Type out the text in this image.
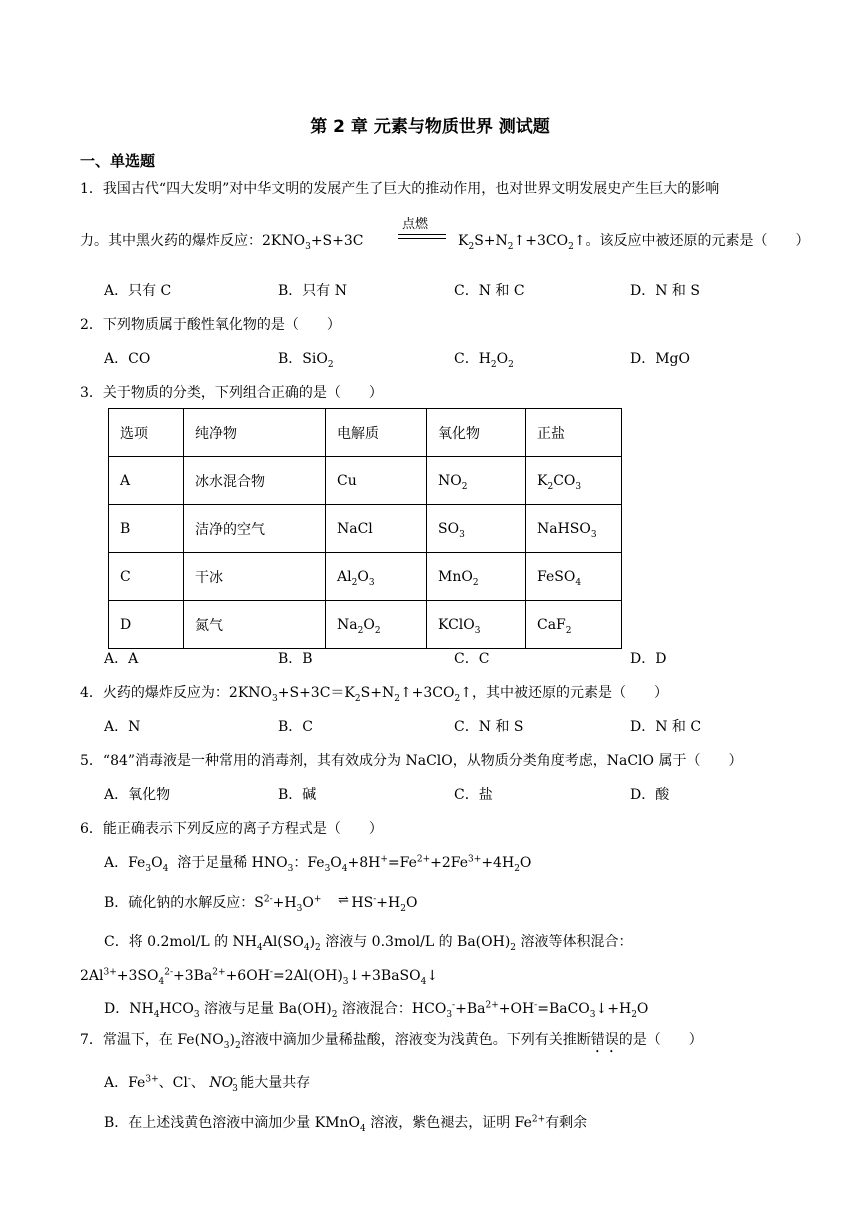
第 2 章 元素与物质世界 测试题
一、单选题
1．我国古代“四大发明”对中华文明的发展产生了巨大的推动作用，也对世界文明发展史产生巨大的影响
力。其中黑火药的爆炸反应：$2KNO_3+S+3C$
点燃
$K_2S+N_2↑+3CO_2↑$。该反应中被还原的元素是（　　）
A．只有 C	B．只有 N	C．N 和 C	D．N 和 S
2．下列物质属于酸性氧化物的是（　　）
A．CO	B．SiO$_2$	C．$H_2O_2$	D．MgO
3．关于物质的分类，下列组合正确的是（　　）
选项	纯净物	电解质	氧化物	正盐
A	冰水混合物	Cu	$NO_2$	$K_2CO_3$
B	洁净的空气	NaCl	$SO_3$	NaHSO$_3$
C	干冰	$Al_2O_3$	MnO$_2$	FeSO$_4$
D	氮气	$Na_2O_2$	KClO$_3$	CaF$_2$
A．A	B．B	C．C	D．D
4．火药的爆炸反应为：$2KNO_3+S+3C=K_2S+N_2↑+3CO_2↑$，其中被还原的元素是（　　）
A．N	B．C	C．N 和 S	D．N 和 C
5．“84”消毒液是一种常用的消毒剂，其有效成分为 NaClO，从物质分类角度考虑，NaClO 属于（　　）
A．氧化物	B．碱	C．盐	D．酸
6．能正确表示下列反应的离子方程式是（　　）
A．$Fe_3O_4$  溶于足量稀 $HNO_3$：$Fe_3O_4+8H^+=Fe^{2+}+2Fe^{3+}+4H_2O$
B．硫化钠的水解反应：$S^{2-}+H_3O^+$ $HS^-+H_2O$
⇌
C．将 0.2mol/L 的 $NH_4Al(SO_4)_2$ 溶液与 0.3mol/L 的 $Ba(OH)_2$ 溶液等体积混合：
$2Al^{3+}+3SO_4^{2-}+3Ba^{2+}+6OH^-=2Al(OH)_3↓+3BaSO_4↓$
D．$NH_4HCO_3$ 溶液与足量 $Ba(OH)_2$ 溶液混合：$HCO_3^-+Ba^{2+}+OH^-=BaCO_3↓+H_2O$
7．常温下，在 $Fe(NO_3)_2$溶液中滴加少量稀盐酸，溶液变为浅黄色。下列有关推断错误的是（　　）
A．$Fe^{3+}$、Cl-、 $NO_3^-$ 能大量共存
B．在上述浅黄色溶液中滴加少量 KMnO$_4$ 溶液，紫色褪去，证明 $Fe^{2+}$有剩余
